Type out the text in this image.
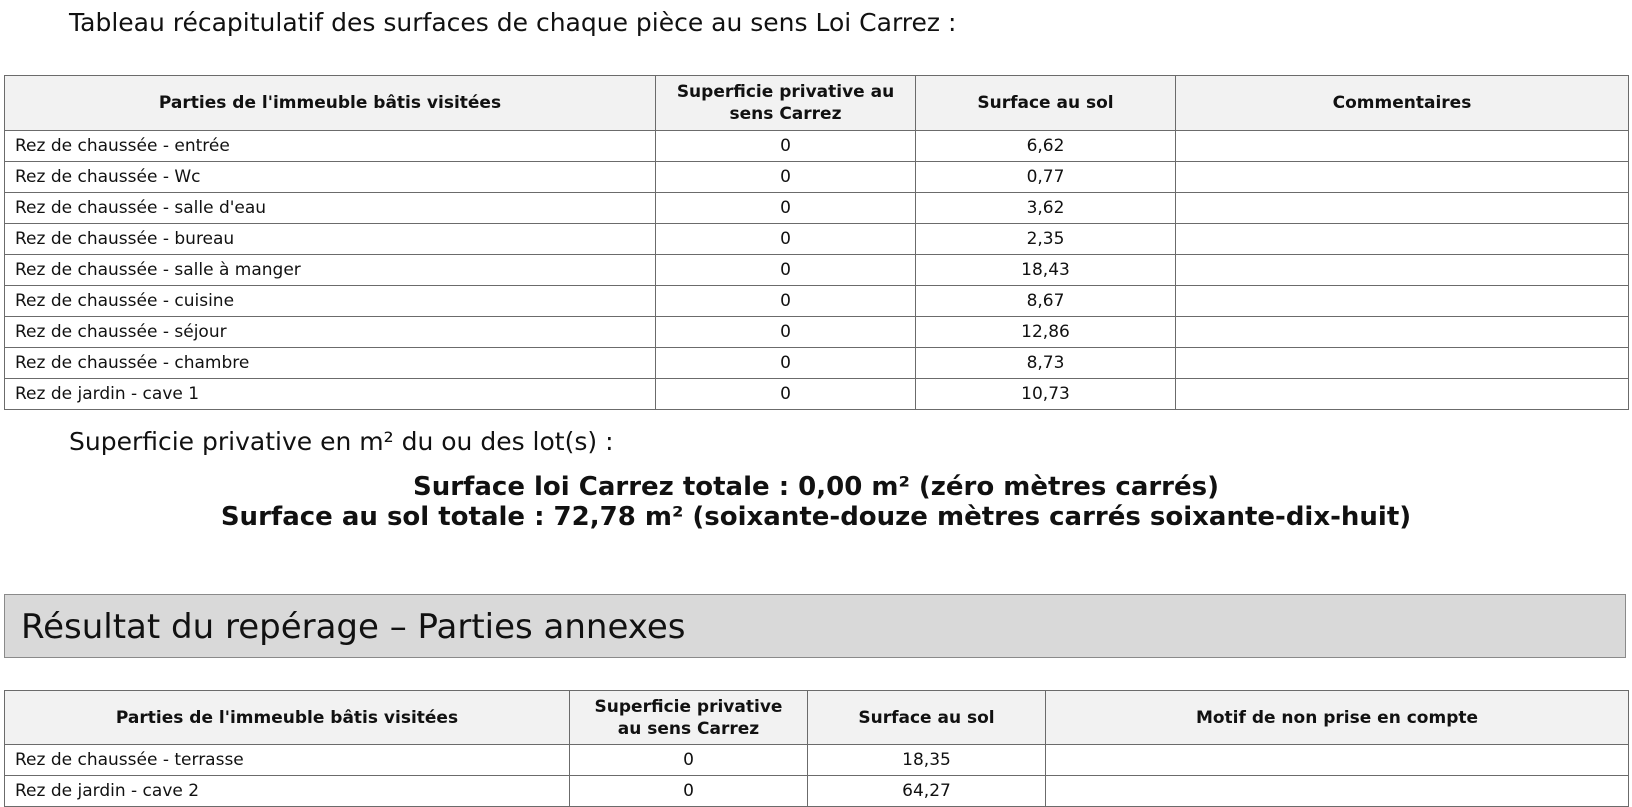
Tableau récapitulatif des surfaces de chaque pièce au sens Loi Carrez :
Parties de l'immeuble bâtis visitées	Superficie privative au sens Carrez	Surface au sol	Commentaires
Rez de chaussée - entrée	0	6,62	
Rez de chaussée - Wc	0	0,77	
Rez de chaussée - salle d'eau	0	3,62	
Rez de chaussée - bureau	0	2,35	
Rez de chaussée - salle à manger	0	18,43	
Rez de chaussée - cuisine	0	8,67	
Rez de chaussée - séjour	0	12,86	
Rez de chaussée - chambre	0	8,73	
Rez de jardin - cave 1	0	10,73	
Superficie privative en m² du ou des lot(s) :
Surface loi Carrez totale : 0,00 m² (zéro mètres carrés)
Surface au sol totale : 72,78 m² (soixante-douze mètres carrés soixante-dix-huit)
Résultat du repérage – Parties annexes
Parties de l'immeuble bâtis visitées	Superficie privative au sens Carrez	Surface au sol	Motif de non prise en compte
Rez de chaussée - terrasse	0	18,35	
Rez de jardin - cave 2	0	64,27	
